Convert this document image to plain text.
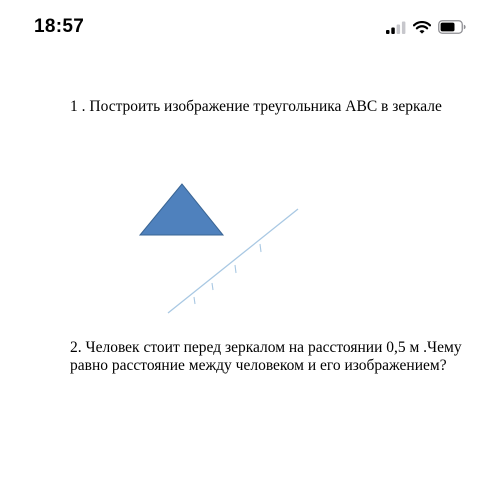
18:57
1 . Построить изображение треугольника ABC в зеркале
2. Человек стоит перед зеркалом на расстоянии 0,5 м .Чему
равно расстояние между человеком и его изображением?
